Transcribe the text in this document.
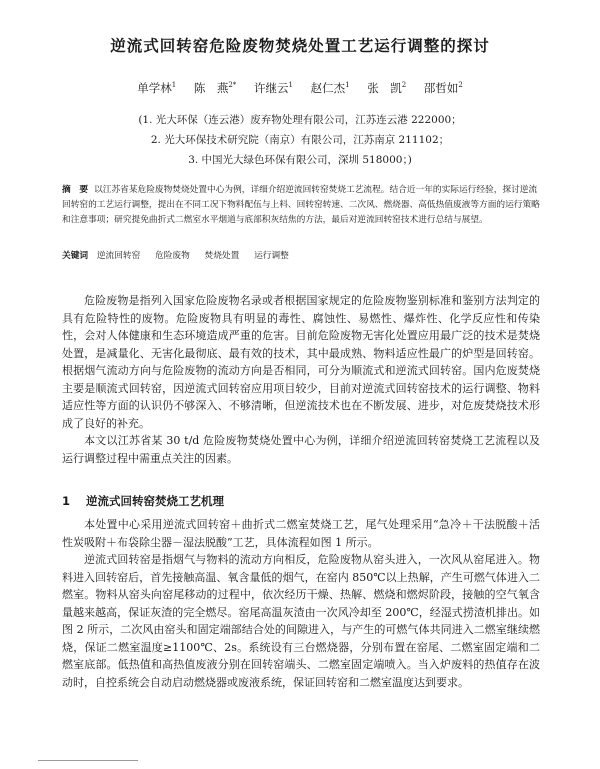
逆流式回转窑危险废物焚烧处置工艺运行调整的探讨
单学林$^1$ 陈　燕$^{2*}$ 许继云$^1$ 赵仁杰$^1$ 张　凯$^2$ 邵哲如$^2$
(1. 光大环保（连云港）废弃物处理有限公司，江苏连云港 222000；
2. 光大环保技术研究院（南京）有限公司，江苏南京 211102；
3. 中国光大绿色环保有限公司，深圳 518000；)
摘　要 以江苏省某危险废物焚烧处置中心为例，详细介绍逆流回转窑焚烧工艺流程。结合近一年的实际运行经验，探讨逆流回转窑的工艺运行调整，提出在不同工况下物料配伍与上料、回转窑转速、二次风、燃烧器、高低热值废液等方面的运行策略和注意事项；研究提免曲折式二燃室水平烟道与底部积灰结焦的方法，最后对逆流回转窑技术进行总结与展望。
关键词 逆流回转窑 危险废物 焚烧处置 运行调整

危险废物是指列入国家危险废物名录或者根据国家规定的危险废物鉴别标准和鉴别方法判定的具有危险特性的废物。危险废物具有明显的毒性、腐蚀性、易燃性、爆炸性、化学反应性和传染性，会对人体健康和生态环境造成严重的危害。目前危险废物无害化处置应用最广泛的技术是焚烧处置，是减量化、无害化最彻底、最有效的技术，其中最成熟、物料适应性最广的炉型是回转窑。根据烟气流动方向与危险废物的流动方向是否相同，可分为顺流式和逆流式回转窑。国内危废焚烧主要是顺流式回转窑，因逆流式回转窑应用项目较少，目前对逆流式回转窑技术的运行调整、物料适应性等方面的认识仍不够深入、不够清晰，但逆流技术也在不断发展、进步，对危废焚烧技术形成了良好的补充。

本文以江苏省某 30 t/d 危险废物焚烧处置中心为例，详细介绍逆流回转窑焚烧工艺流程以及运行调整过程中需重点关注的因素。

1 逆流式回转窑焚烧工艺机理

本处置中心采用逆流式回转窑＋曲折式二燃室焚烧工艺，尾气处理采用“急冷＋干法脱酸＋活性炭吸附＋布袋除尘器－湿法脱酸”工艺，具体流程如图 1 所示。

逆流式回转窑是指烟气与物料的流动方向相反，危险废物从窑头进入，一次风从窑尾进入。物料进入回转窑后，首先接触高温、氧含量低的烟气，在窑内 850℃以上热解，产生可燃气体进入二燃室。物料从窑头向窑尾移动的过程中，依次经历干燥、热解、燃烧和燃烬阶段，接触的空气氧含量越来越高，保证灰渣的完全燃尽。窑尾高温灰渣由一次风冷却至 200℃，经湿式捞渣机排出。如图 2 所示，二次风由窑头和固定端部结合处的间隙进入，与产生的可燃气体共同进入二燃室继续燃烧，保证二燃室温度≥1100℃、2s。系统设有三台燃烧器，分别布置在窑尾、二燃室固定端和二燃室底部。低热值和高热值废液分别在回转窑端头、二燃室固定端喷入。当入炉废料的热值存在波动时，自控系统会自动启动燃烧器或废液系统，保证回转窑和二燃室温度达到要求。
